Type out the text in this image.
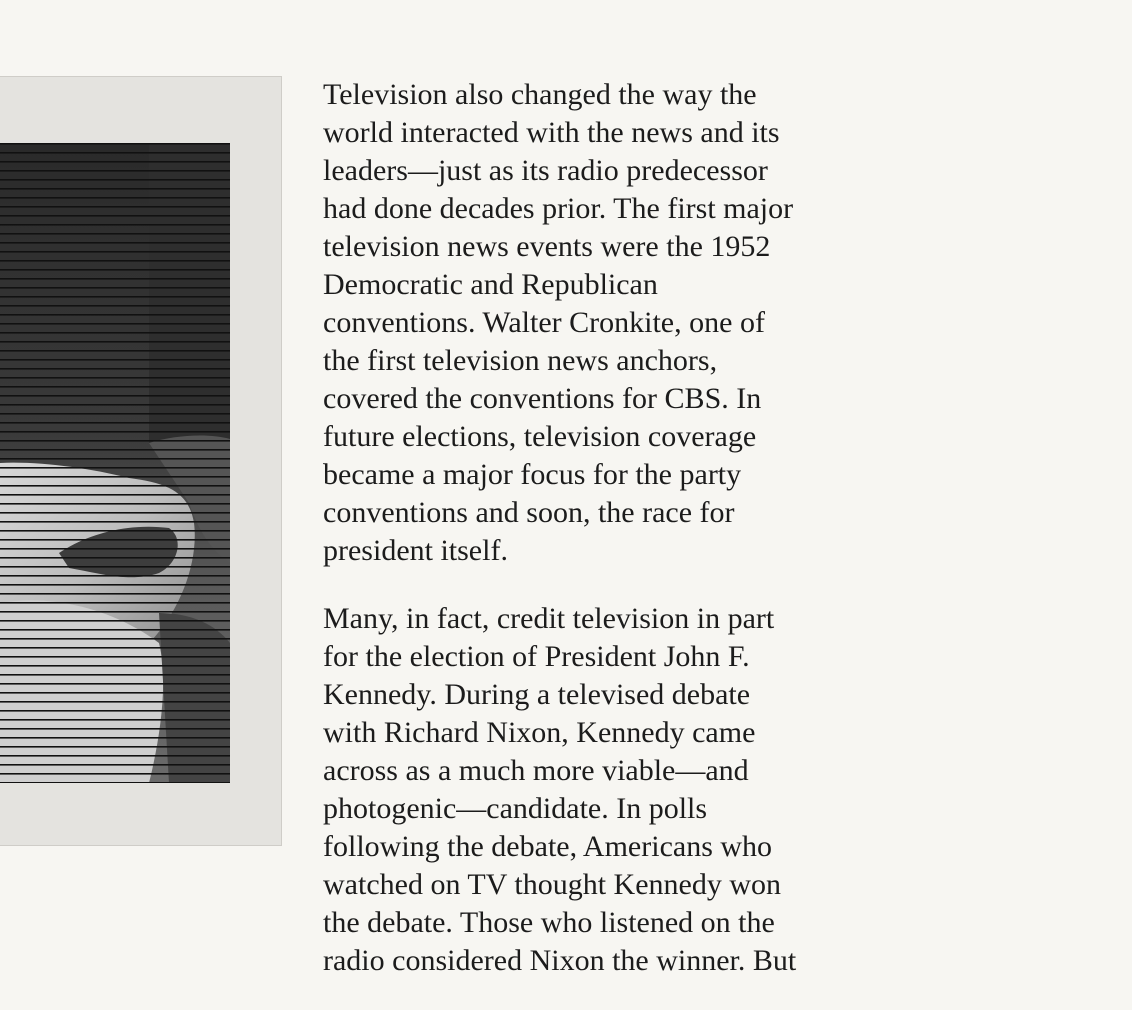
Television also changed the way the
world interacted with the news and its
leaders—just as its radio predecessor
had done decades prior. The first major
television news events were the 1952
Democratic and Republican
conventions. Walter Cronkite, one of
the first television news anchors,
covered the conventions for CBS. In
future elections, television coverage
became a major focus for the party
conventions and soon, the race for
president itself.

Many, in fact, credit television in part
for the election of President John F.
Kennedy. During a televised debate
with Richard Nixon, Kennedy came
across as a much more viable—and
photogenic—candidate. In polls
following the debate, Americans who
watched on TV thought Kennedy won
the debate. Those who listened on the
radio considered Nixon the winner. But
